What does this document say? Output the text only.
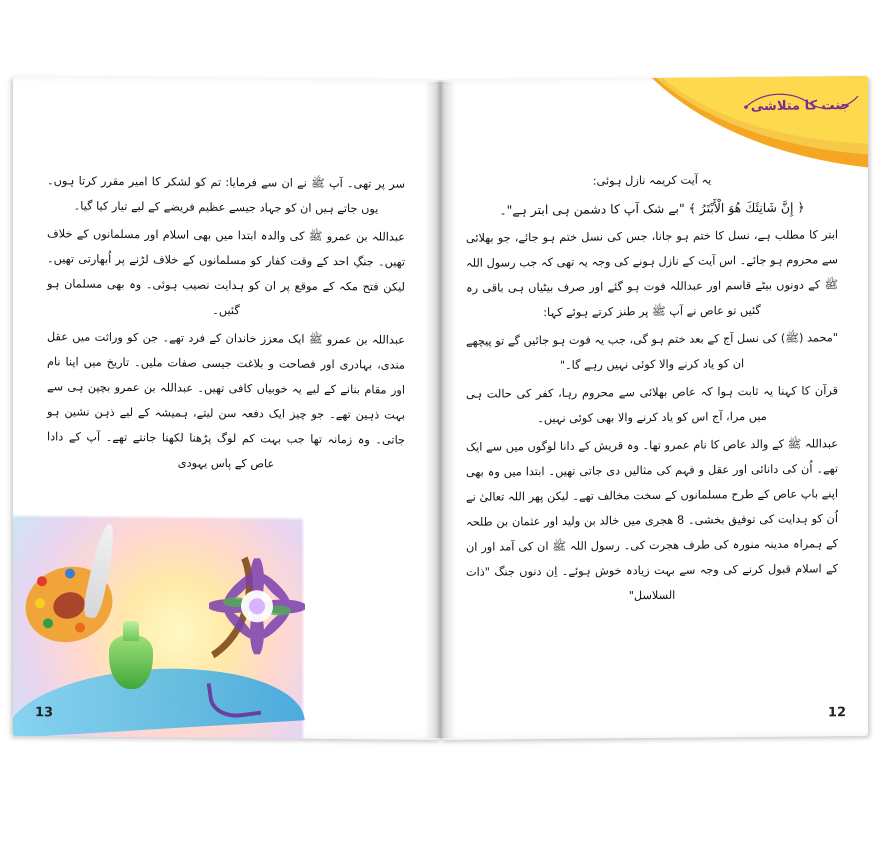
جنت کا متلاشی

یہ آیت کریمہ نازل ہوئی:

﴿ إِنَّ شَانِئَكَ هُوَ الْأَبْتَرُ ﴾ "بے شک آپ کا دشمن ہی ابتر ہے"۔

ابتر کا مطلب ہے، نسل کا ختم ہو جانا، جس کی نسل ختم ہو جائے، جو بھلائی سے محروم ہو جائے۔ اس آیت کے نازل ہونے کی وجہ یہ تھی کہ جب رسول اللہ ﷺ کے دونوں بیٹے قاسم اور عبداللہ فوت ہو گئے اور صرف بیٹیاں ہی باقی رہ گئیں تو عاص نے آپ ﷺ پر طنز کرتے ہوئے کہا:

"محمد (ﷺ) کی نسل آج کے بعد ختم ہو گی، جب یہ فوت ہو جائیں گے تو پیچھے ان کو یاد کرنے والا کوئی نہیں رہے گا۔"

قرآن کا کہنا یہ ثابت ہوا کہ عاص بھلائی سے محروم رہا، کفر کی حالت ہی میں مرا، آج اس کو یاد کرنے والا بھی کوئی نہیں۔

عبداللہ ﷺ کے والد عاص کا نام عمرو تھا۔ وہ قریش کے دانا لوگوں میں سے ایک تھے۔ اُن کی دانائی اور عقل و فہم کی مثالیں دی جاتی تھیں۔ ابتدا میں وہ بھی اپنے باپ عاص کے طرح مسلمانوں کے سخت مخالف تھے۔ لیکن پھر اللہ تعالیٰ نے اُن کو ہدایت کی توفیق بخشی۔ 8 ھجری میں خالد بن ولید اور عثمان بن طلحہ کے ہمراہ مدینہ منورہ کی طرف ھجرت کی۔ رسول اللہ ﷺ ان کی آمد اور ان کے اسلام قبول کرنے کی وجہ سے بہت زیادہ خوش ہوئے۔ اِن دنوں جنگ "ذات السلاسل"

12

سر پر تھی۔ آپ ﷺ نے ان سے فرمایا: تم کو لشکر کا امیر مقرر کرتا ہوں۔ یوں جاتے ہیں ان کو جہاد جیسے عظیم فریضے کے لیے تیار کیا گیا۔

عبداللہ بن عمرو ﷺ کی والدہ ابتدا میں بھی اسلام اور مسلمانوں کے خلاف تھیں۔ جنگِ احد کے وقت کفار کو مسلمانوں کے خلاف لڑنے پر اُبھارتی تھیں۔ لیکن فتح مکہ کے موقع پر ان کو ہدایت نصیب ہوئی۔ وہ بھی مسلمان ہو گئیں۔

عبداللہ بن عمرو ﷺ ایک معزز خاندان کے فرد تھے۔ جن کو وراثت میں عقل مندی، بہادری اور فصاحت و بلاغت جیسی صفات ملیں۔ تاریخ میں اپنا نام اور مقام بنانے کے لیے یہ خوبیاں کافی تھیں۔ عبداللہ بن عمرو بچپن ہی سے بہت ذہین تھے۔ جو چیز ایک دفعہ سن لیتے، ہمیشہ کے لیے ذہن نشین ہو جاتی۔ وہ زمانہ تھا جب بہت کم لوگ پڑھنا لکھنا جانتے تھے۔ آپ کے دادا عاص کے پاس یہودی

13
